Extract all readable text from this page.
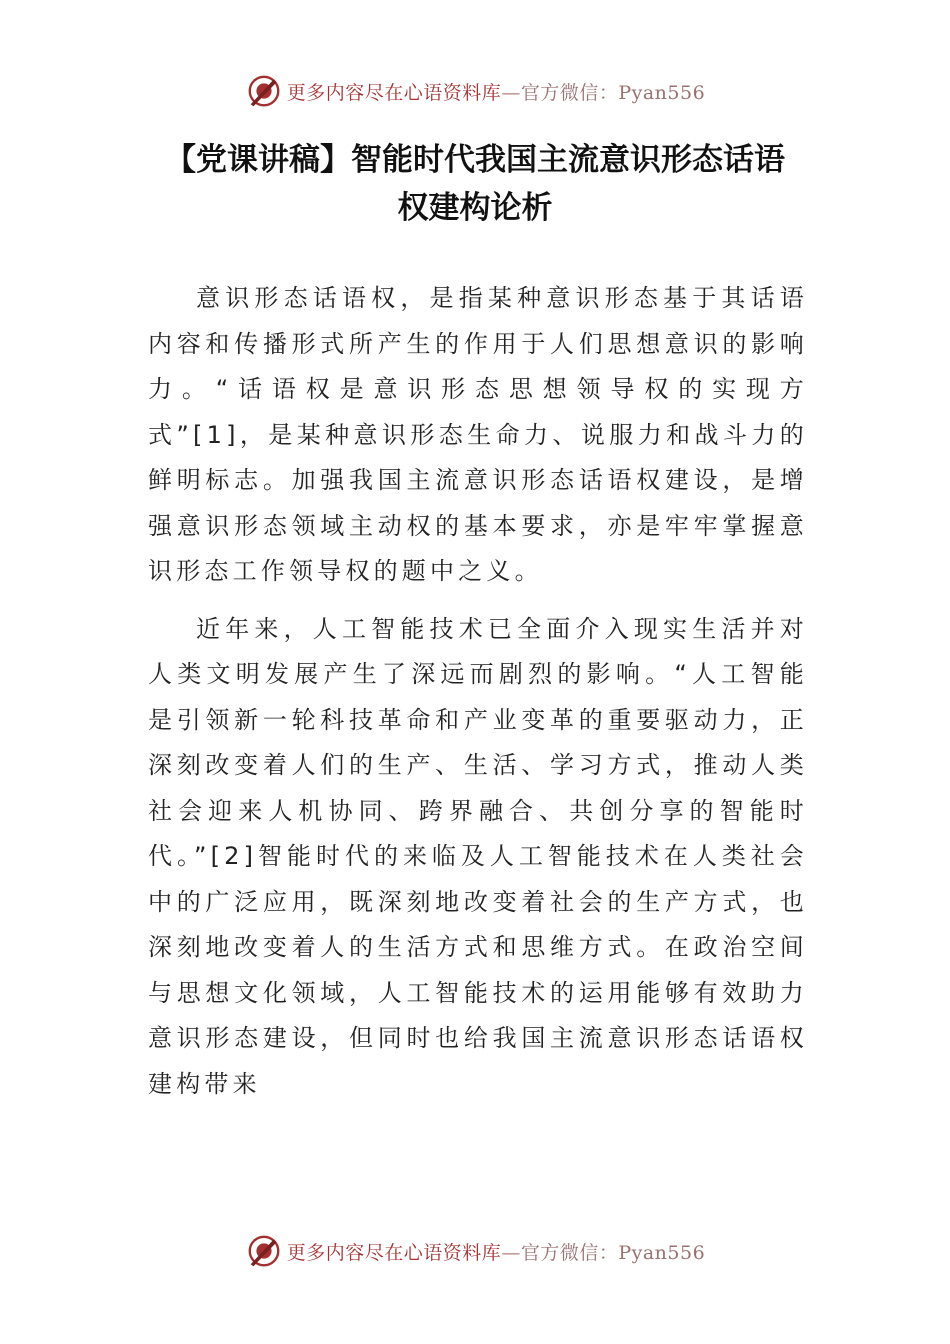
更多内容尽在心语资料库—官方微信：Pyan556
【党课讲稿】智能时代我国主流意识形态话语
权建构论析

意识形态话语权，是指某种意识形态基于其话语内容和传播形式所产生的作用于人们思想意识的影响力。“话语权是意识形态思想领导权的实现方式”[1]，是某种意识形态生命力、说服力和战斗力的鲜明标志。加强我国主流意识形态话语权建设，是增强意识形态领域主动权的基本要求，亦是牢牢掌握意识形态工作领导权的题中之义。

近年来，人工智能技术已全面介入现实生活并对人类文明发展产生了深远而剧烈的影响。“人工智能是引领新一轮科技革命和产业变革的重要驱动力，正深刻改变着人们的生产、生活、学习方式，推动人类社会迎来人机协同、跨界融合、共创分享的智能时代。”[2]智能时代的来临及人工智能技术在人类社会中的广泛应用，既深刻地改变着社会的生产方式，也深刻地改变着人的生活方式和思维方式。在政治空间与思想文化领域，人工智能技术的运用能够有效助力意识形态建设，但同时也给我国主流意识形态话语权建构带来

更多内容尽在心语资料库—官方微信：Pyan556
